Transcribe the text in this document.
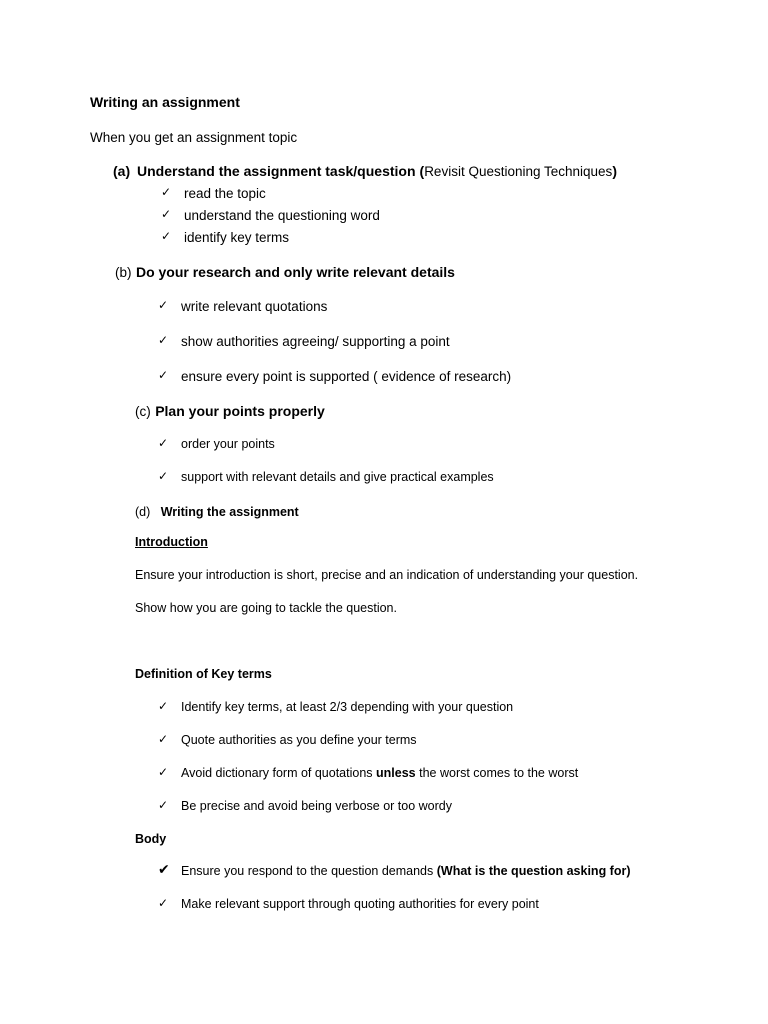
Writing an assignment
When you get an assignment topic
(a) Understand the assignment task/question (Revisit Questioning Techniques)
✓ read the topic
✓ understand the questioning word
✓ identify key terms
(b) Do your research and only write relevant details
✓ write relevant quotations
✓ show authorities agreeing/ supporting a point
✓ ensure every point is supported ( evidence of research)
(c) Plan your points properly
✓ order your points
✓ support with relevant details and give practical examples
(d) Writing the assignment
Introduction
Ensure your introduction is short, precise and an indication of understanding your question.
Show how you are going to tackle the question.
Definition of Key terms
✓ Identify key terms, at least 2/3 depending with your question
✓ Quote authorities as you define your terms
✓ Avoid dictionary form of quotations unless the worst comes to the worst
✓ Be precise and avoid being verbose or too wordy
Body
✔ Ensure you respond to the question demands (What is the question asking for)
✓ Make relevant support through quoting authorities for every point
